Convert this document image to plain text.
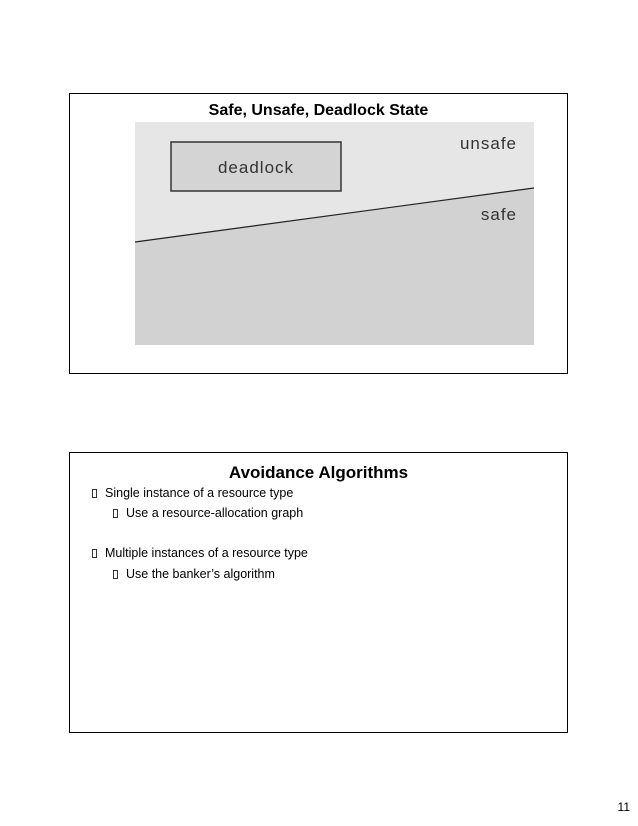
Safe, Unsafe, Deadlock State
deadlock
unsafe
safe
Avoidance Algorithms
Single instance of a resource type
Use a resource-allocation graph
Multiple instances of a resource type
Use the banker’s algorithm
11
